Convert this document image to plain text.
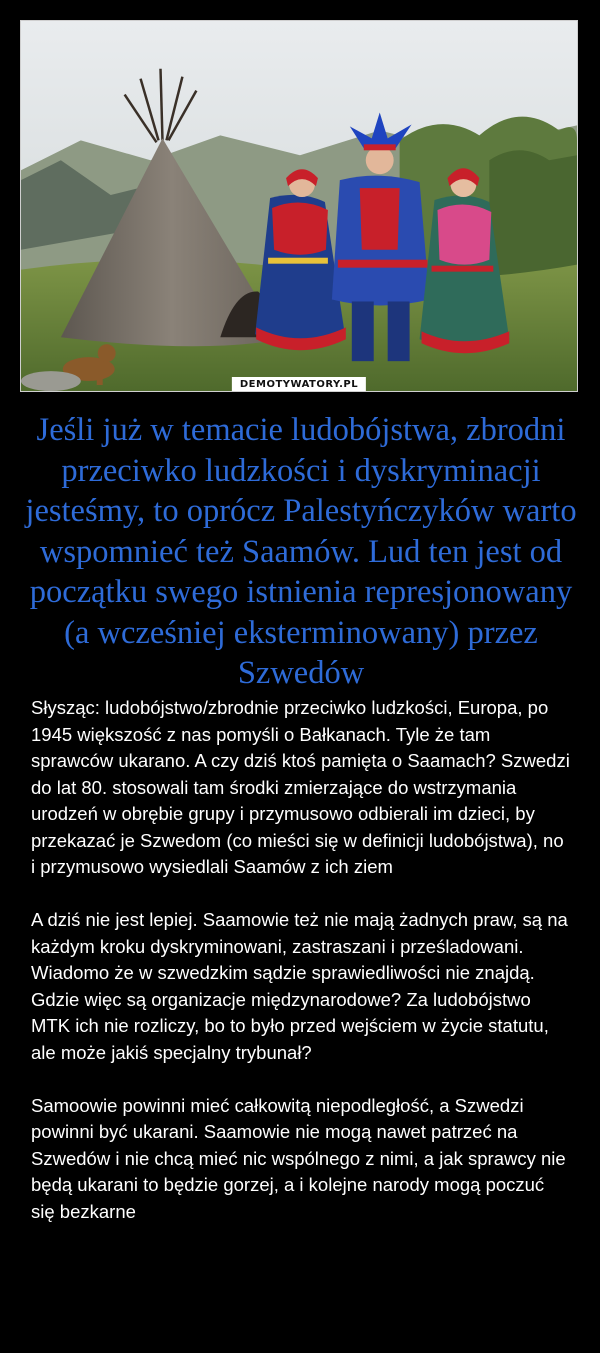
DEMOTYWATORY.PL
Jeśli już w temacie ludobójstwa, zbrodni przeciwko ludzkości i dyskryminacji jesteśmy, to oprócz Palestyńczyków warto wspomnieć też Saamów. Lud ten jest od początku swego istnienia represjonowany (a wcześniej eksterminowany) przez Szwedów

Słysząc: ludobójstwo/zbrodnie przeciwko ludzkości, Europa, po 1945 większość z nas pomyśli o Bałkanach. Tyle że tam sprawców ukarano. A czy dziś ktoś pamięta o Saamach? Szwedzi do lat 80. stosowali tam środki zmierzające do wstrzymania urodzeń w obrębie grupy i przymusowo odbierali im dzieci, by przekazać je Szwedom (co mieści się w definicji ludobójstwa), no i przymusowo wysiedlali Saamów z ich ziem

A dziś nie jest lepiej. Saamowie też nie mają żadnych praw, są na każdym kroku dyskryminowani, zastraszani i prześladowani. Wiadomo że w szwedzkim sądzie sprawiedliwości nie znajdą. Gdzie więc są organizacje międzynarodowe? Za ludobójstwo MTK ich nie rozliczy, bo to było przed wejściem w życie statutu, ale może jakiś specjalny trybunał?

Samoowie powinni mieć całkowitą niepodległość, a Szwedzi powinni być ukarani. Saamowie nie mogą nawet patrzeć na Szwedów i nie chcą mieć nic wspólnego z nimi, a jak sprawcy nie będą ukarani to będzie gorzej, a i kolejne narody mogą poczuć się bezkarne
